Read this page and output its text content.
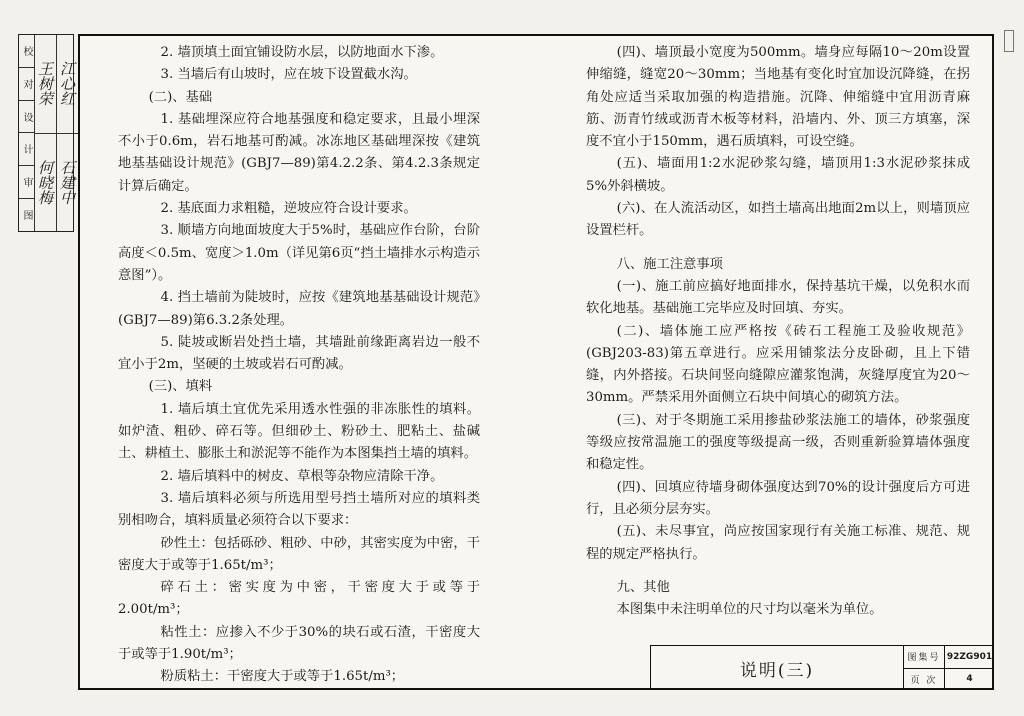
校
对
设
计
审
图
王树荣
何晓梅
江心红
石建中

2. 墙顶填土面宜铺设防水层，以防地面水下渗。

3. 当墙后有山坡时，应在坡下设置截水沟。

(二)、基础

1. 基础埋深应符合地基强度和稳定要求，且最小埋深不小于0.6m，岩石地基可酌减。冰冻地区基础埋深按《建筑地基基础设计规范》(GBJ7—89)第4.2.2条、第4.2.3条规定计算后确定。

2. 基底面力求粗糙，逆坡应符合设计要求。

3. 顺墙方向地面坡度大于5%时，基础应作台阶，台阶高度＜0.5m、宽度＞1.0m（详见第6页“挡土墙排水示构造示意图”）。

4. 挡土墙前为陡坡时，应按《建筑地基基础设计规范》(GBJ7—89)第6.3.2条处理。

5. 陡坡或断岩处挡土墙，其墙趾前缘距离岩边一般不宜小于2m，坚硬的土坡或岩石可酌减。

(三)、填料

1. 墙后填土宜优先采用透水性强的非冻胀性的填料。如炉渣、粗砂、碎石等。但细砂土、粉砂土、肥粘土、盐碱土、耕植土、膨胀土和淤泥等不能作为本图集挡土墙的填料。

2. 墙后填料中的树皮、草根等杂物应清除干净。

3. 墙后填料必须与所选用型号挡土墙所对应的填料类别相吻合，填料质量必须符合以下要求：

砂性土：包括砾砂、粗砂、中砂，其密实度为中密，干密度大于或等于1.65t/m³；

碎石土：密实度为中密，干密度大于或等于2.00t/m³；

粘性土：应掺入不少于30%的块石或石渣，干密度大于或等于1.90t/m³；

粉质粘土：干密度大于或等于1.65t/m³；

(四)、墙顶最小宽度为500mm。墙身应每隔10～20m设置伸缩缝，缝宽20～30mm；当地基有变化时宜加设沉降缝，在拐角处应适当采取加强的构造措施。沉降、伸缩缝中宜用沥青麻筋、沥青竹绒或沥青木板等材料，沿墙内、外、顶三方填塞，深度不宜小于150mm，遇石质填料，可设空缝。

(五)、墙面用1:2水泥砂浆勾缝，墙顶用1:3水泥砂浆抹成5%外斜横坡。

(六)、在人流活动区，如挡土墙高出地面2m以上，则墙顶应设置栏杆。

八、施工注意事项

(一)、施工前应搞好地面排水，保持基坑干燥，以免积水而软化地基。基础施工完毕应及时回填、夯实。

(二)、墙体施工应严格按《砖石工程施工及验收规范》(GBJ203-83)第五章进行。应采用铺浆法分皮卧砌，且上下错缝，内外搭接。石块间竖向缝隙应灌浆饱满，灰缝厚度宜为20～30mm。严禁采用外面侧立石块中间填心的砌筑方法。

(三)、对于冬期施工采用掺盐砂浆法施工的墙体，砂浆强度等级应按常温施工的强度等级提高一级，否则重新验算墙体强度和稳定性。

(四)、回填应待墙身砌体强度达到70%的设计强度后方可进行，且必须分层夯实。

(五)、未尽事宜，尚应按国家现行有关施工标准、规范、规程的规定严格执行。

九、其他

本图集中未注明单位的尺寸均以毫米为单位。

说明(三)
图集号 92ZG901
页 次	4
